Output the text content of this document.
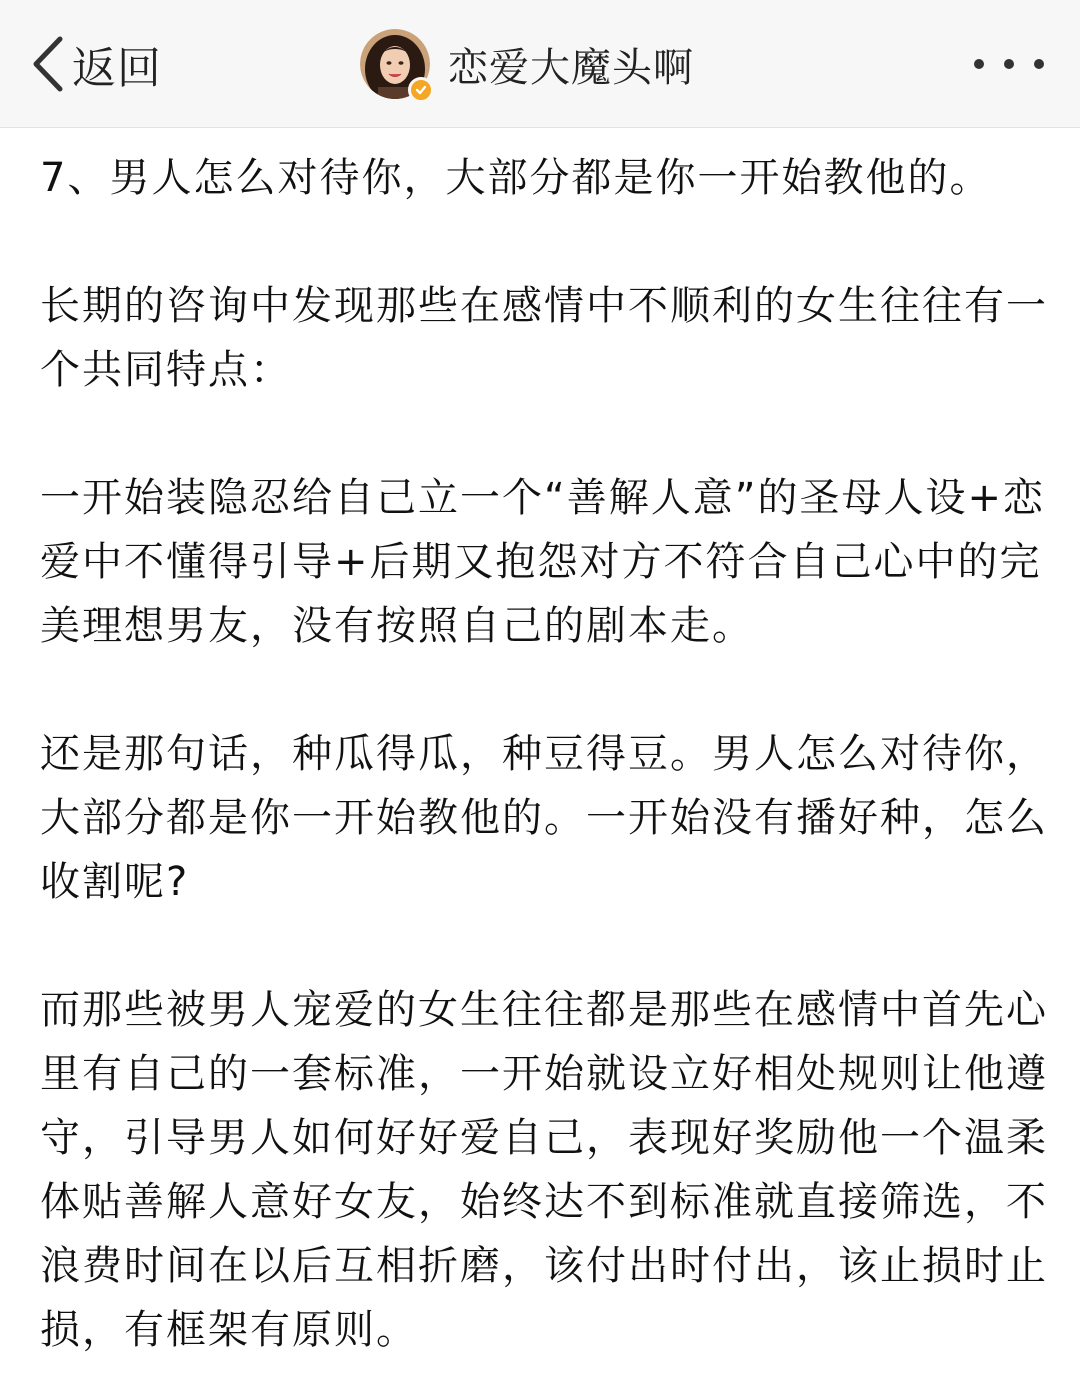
返回	恋爱大魔头啊

7、男人怎么对待你，大部分都是你一开始教他的。

长期的咨询中发现那些在感情中不顺利的女生往往有一个共同特点：

一开始装隐忍给自己立一个“善解人意”的圣母人设+恋爱中不懂得引导+后期又抱怨对方不符合自己心中的完美理想男友，没有按照自己的剧本走。

还是那句话，种瓜得瓜，种豆得豆。男人怎么对待你，大部分都是你一开始教他的。一开始没有播好种，怎么收割呢?

而那些被男人宠爱的女生往往都是那些在感情中首先心里有自己的一套标准，一开始就设立好相处规则让他遵守，引导男人如何好好爱自己，表现好奖励他一个温柔体贴善解人意好女友，始终达不到标准就直接筛选，不浪费时间在以后互相折磨，该付出时付出，该止损时止损，有框架有原则。
